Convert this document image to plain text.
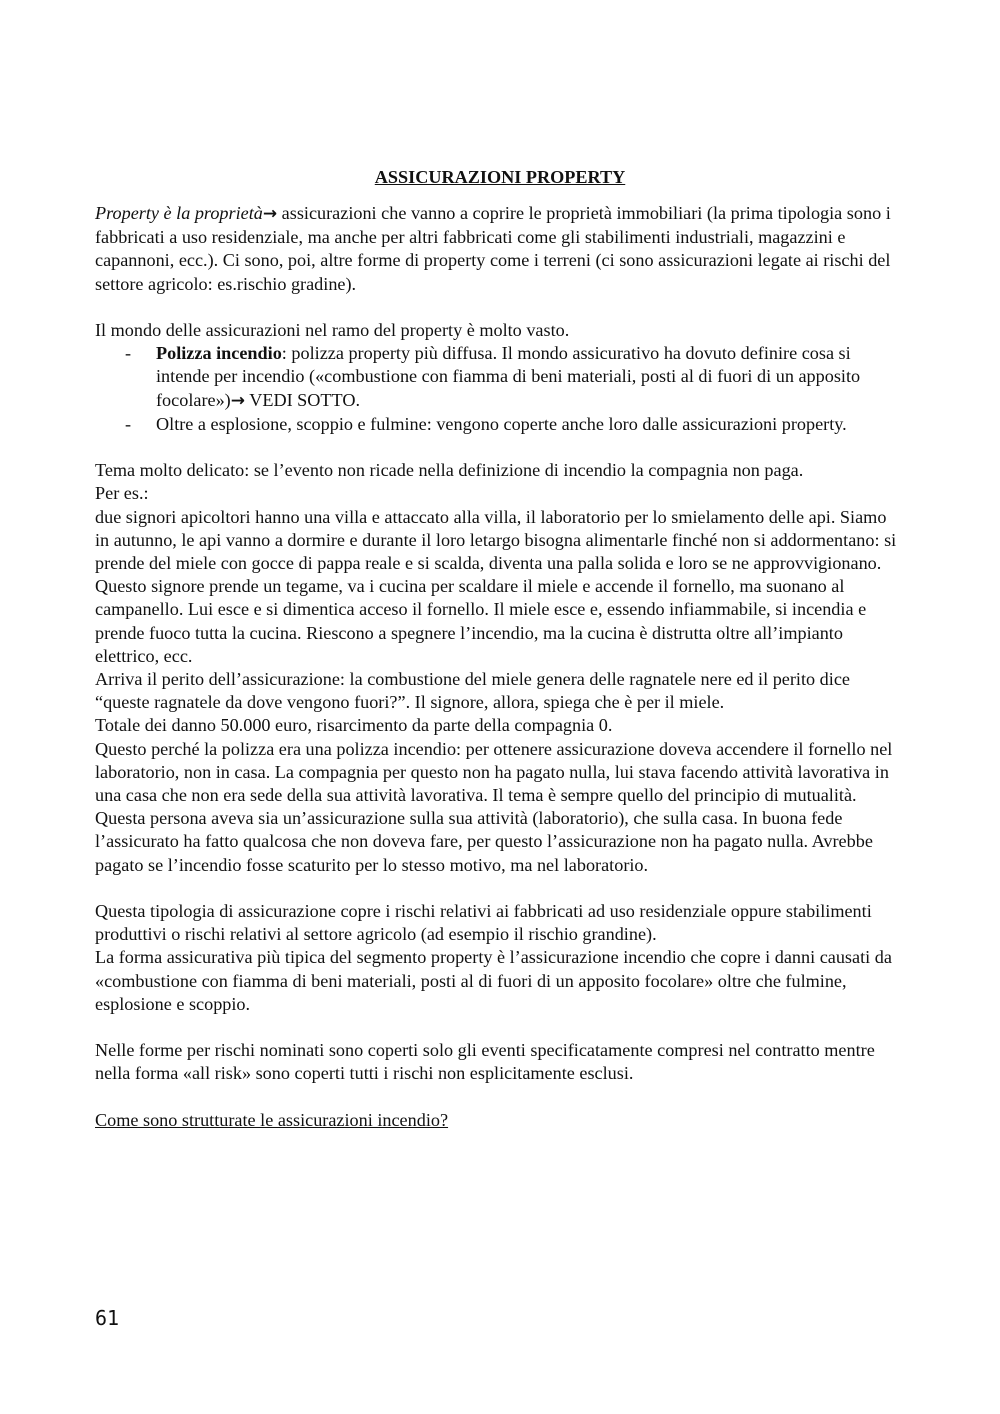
ASSICURAZIONI PROPERTY

Property è la proprietà→ assicurazioni che vanno a coprire le proprietà immobiliari (la prima tipologia sono i fabbricati a uso residenziale, ma anche per altri fabbricati come gli stabilimenti industriali, magazzini e capannoni, ecc.). Ci sono, poi, altre forme di property come i terreni (ci sono assicurazioni legate ai rischi del settore agricolo: es.rischio gradine).

Il mondo delle assicurazioni nel ramo del property è molto vasto.

- Polizza incendio: polizza property più diffusa. Il mondo assicurativo ha dovuto definire cosa si intende per incendio («combustione con fiamma di beni materiali, posti al di fuori di un apposito focolare»)→ VEDI SOTTO.
- Oltre a esplosione, scoppio e fulmine: vengono coperte anche loro dalle assicurazioni property.

Tema molto delicato: se l’evento non ricade nella definizione di incendio la compagnia non paga.

Per es.:

due signori apicoltori hanno una villa e attaccato alla villa, il laboratorio per lo smielamento delle api. Siamo in autunno, le api vanno a dormire e durante il loro letargo bisogna alimentarle finché non si addormentano: si prende del miele con gocce di pappa reale e si scalda, diventa una palla solida e loro se ne approvvigionano. Questo signore prende un tegame, va i cucina per scaldare il miele e accende il fornello, ma suonano al campanello. Lui esce e si dimentica acceso il fornello. Il miele esce e, essendo infiammabile, si incendia e prende fuoco tutta la cucina. Riescono a spegnere l’incendio, ma la cucina è distrutta oltre all’impianto elettrico, ecc.

Arriva il perito dell’assicurazione: la combustione del miele genera delle ragnatele nere ed il perito dice “queste ragnatele da dove vengono fuori?”. Il signore, allora, spiega che è per il miele.

Totale dei danno 50.000 euro, risarcimento da parte della compagnia 0.

Questo perché la polizza era una polizza incendio: per ottenere assicurazione doveva accendere il fornello nel laboratorio, non in casa. La compagnia per questo non ha pagato nulla, lui stava facendo attività lavorativa in una casa che non era sede della sua attività lavorativa. Il tema è sempre quello del principio di mutualità.

Questa persona aveva sia un’assicurazione sulla sua attività (laboratorio), che sulla casa. In buona fede l’assicurato ha fatto qualcosa che non doveva fare, per questo l’assicurazione non ha pagato nulla. Avrebbe pagato se l’incendio fosse scaturito per lo stesso motivo, ma nel laboratorio.

Questa tipologia di assicurazione copre i rischi relativi ai fabbricati ad uso residenziale oppure stabilimenti produttivi o rischi relativi al settore agricolo (ad esempio il rischio grandine).

La forma assicurativa più tipica del segmento property è l’assicurazione incendio che copre i danni causati da «combustione con fiamma di beni materiali, posti al di fuori di un apposito focolare» oltre che fulmine, esplosione e scoppio.

Nelle forme per rischi nominati sono coperti solo gli eventi specificatamente compresi nel contratto mentre nella forma «all risk» sono coperti tutti i rischi non esplicitamente esclusi.

Come sono strutturate le assicurazioni incendio?

61
